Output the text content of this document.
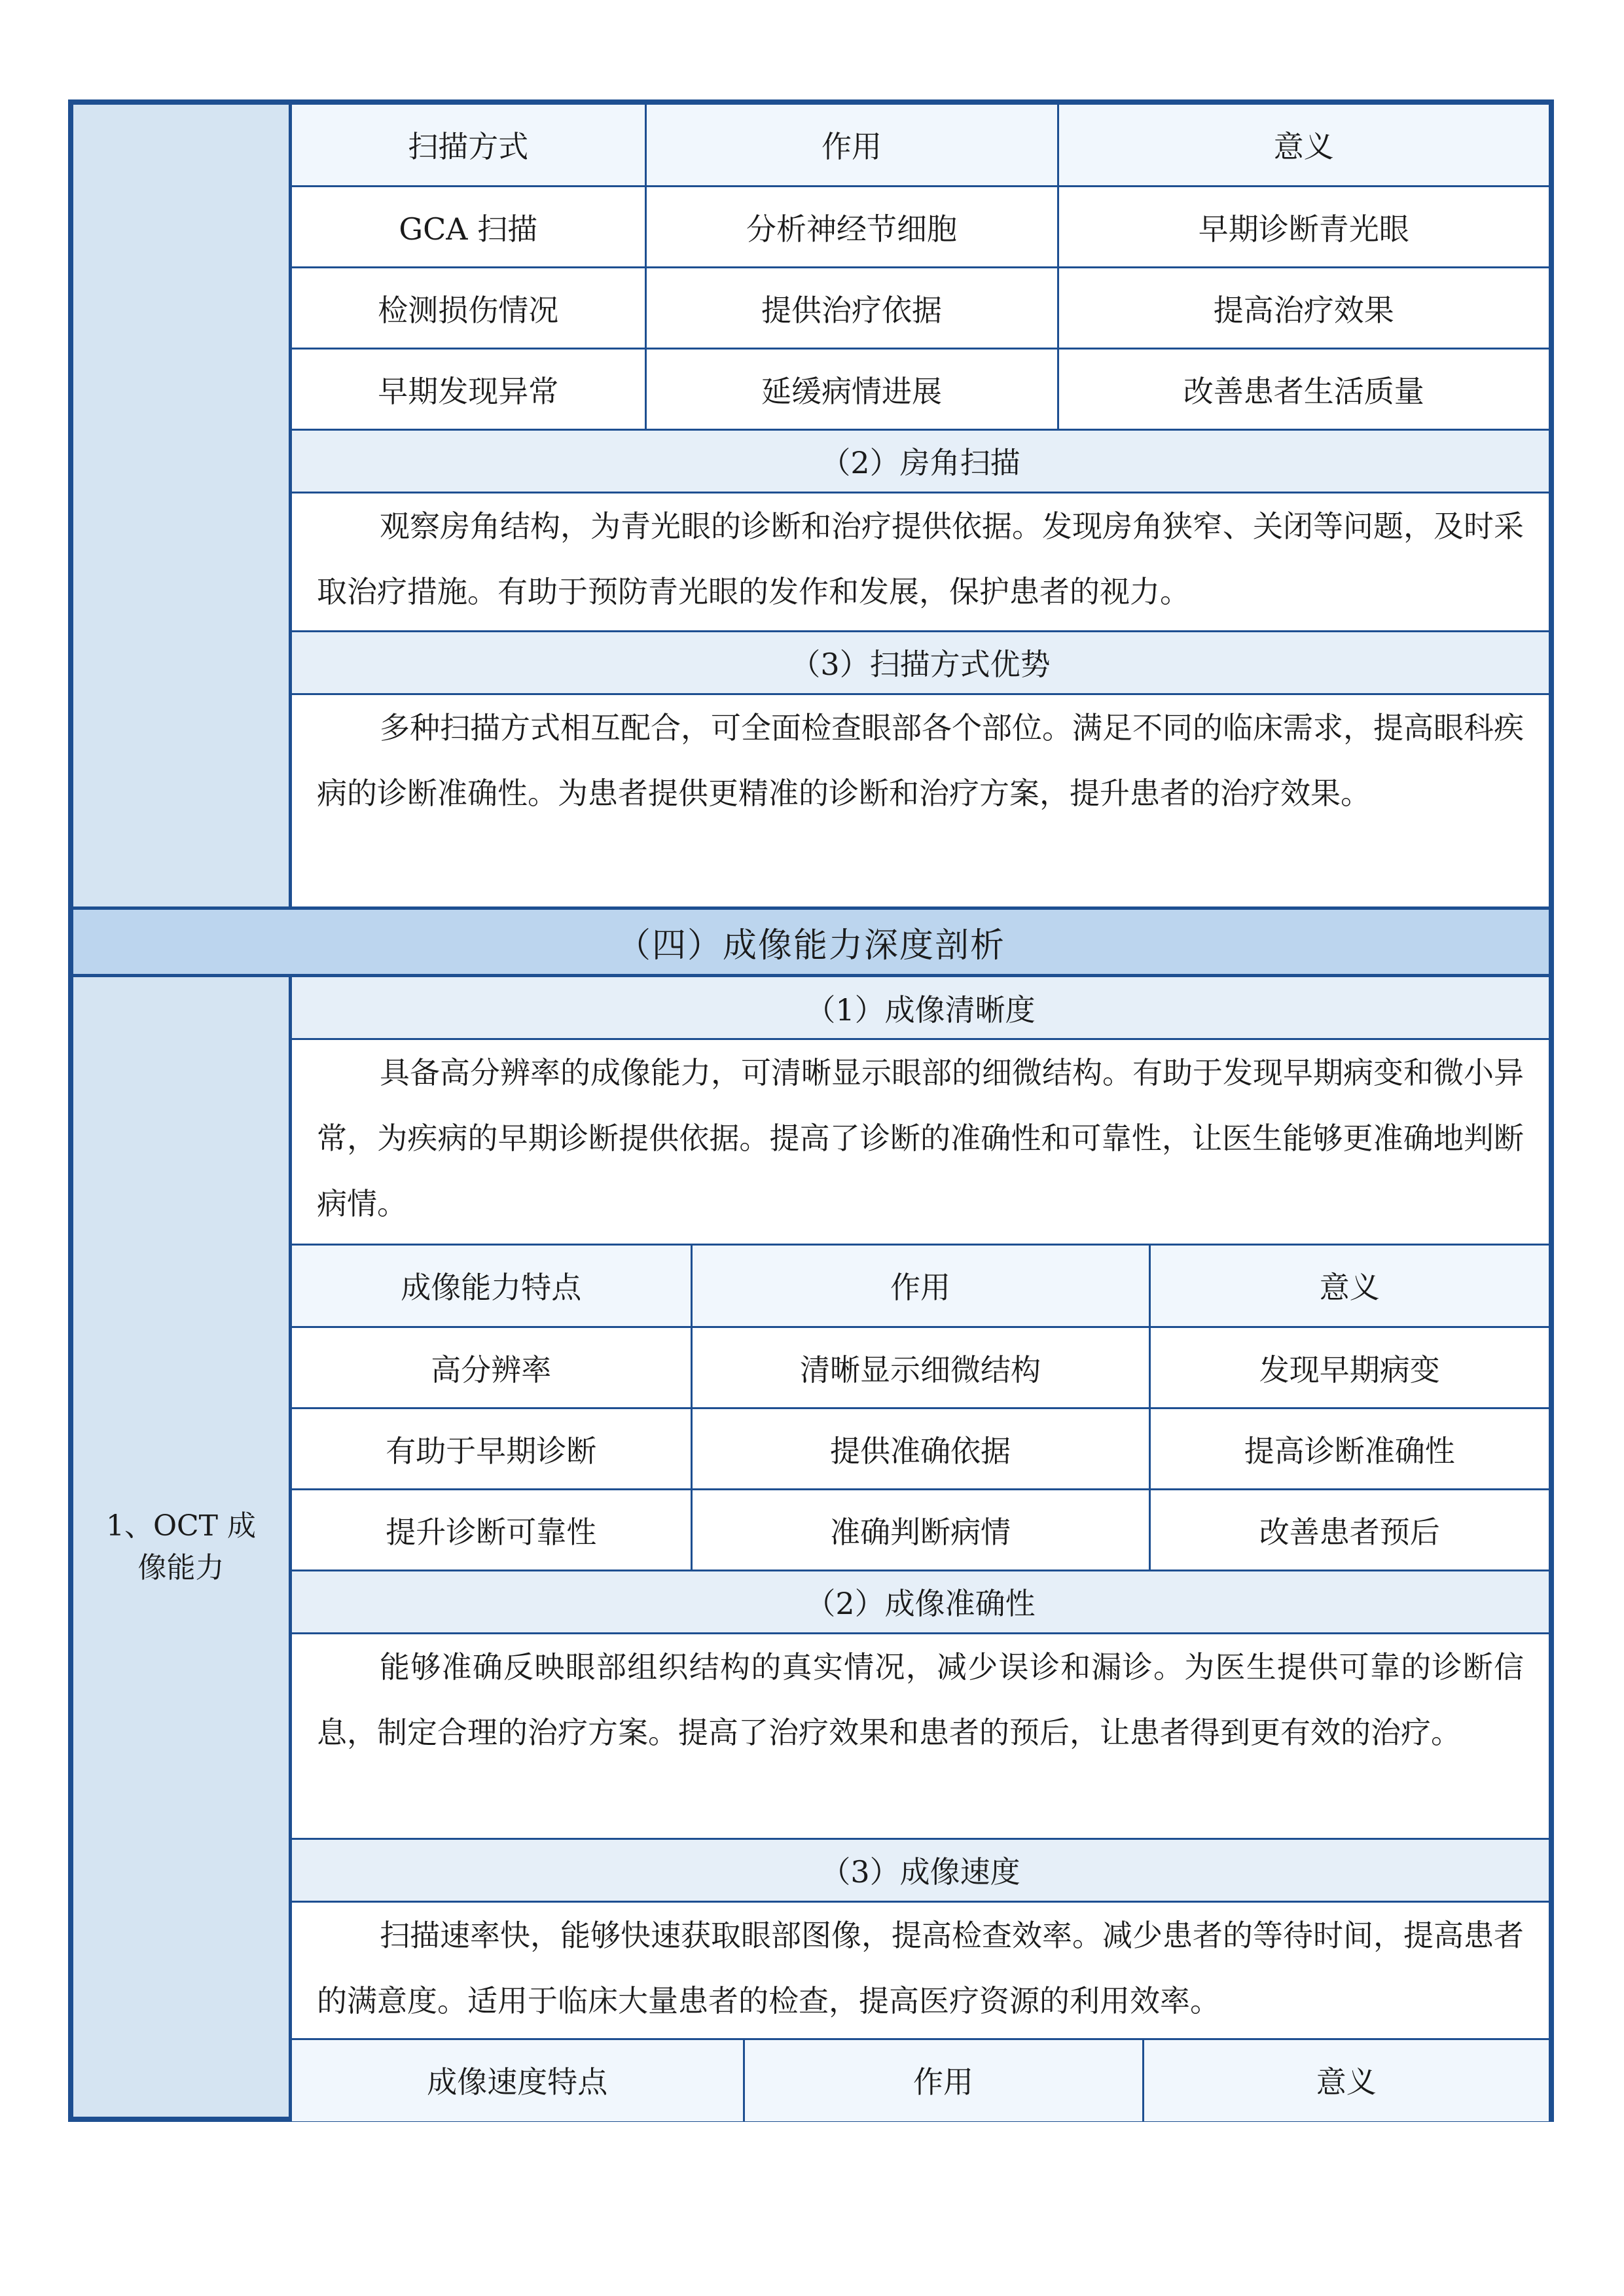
扫描方式	作用	意义
GCA 扫描	分析神经节细胞	早期诊断青光眼
检测损伤情况	提供治疗依据	提高治疗效果
早期发现异常	延缓病情进展	改善患者生活质量
（2）房角扫描
观察房角结构，为青光眼的诊断和治疗提供依据。发现房角狭窄、关闭等问题，及时采取治疗措施。有助于预防青光眼的发作和发展，保护患者的视力。
（3）扫描方式优势
多种扫描方式相互配合，可全面检查眼部各个部位。满足不同的临床需求，提高眼科疾病的诊断准确性。为患者提供更精准的诊断和治疗方案，提升患者的治疗效果。
（四）成像能力深度剖析
1、OCT 成像能力
（1）成像清晰度
具备高分辨率的成像能力，可清晰显示眼部的细微结构。有助于发现早期病变和微小异常，为疾病的早期诊断提供依据。提高了诊断的准确性和可靠性，让医生能够更准确地判断病情。
成像能力特点	作用	意义
高分辨率	清晰显示细微结构	发现早期病变
有助于早期诊断	提供准确依据	提高诊断准确性
提升诊断可靠性	准确判断病情	改善患者预后
（2）成像准确性
能够准确反映眼部组织结构的真实情况，减少误诊和漏诊。为医生提供可靠的诊断信息，制定合理的治疗方案。提高了治疗效果和患者的预后，让患者得到更有效的治疗。
（3）成像速度
扫描速率快，能够快速获取眼部图像，提高检查效率。减少患者的等待时间，提高患者的满意度。适用于临床大量患者的检查，提高医疗资源的利用效率。
成像速度特点	作用	意义
